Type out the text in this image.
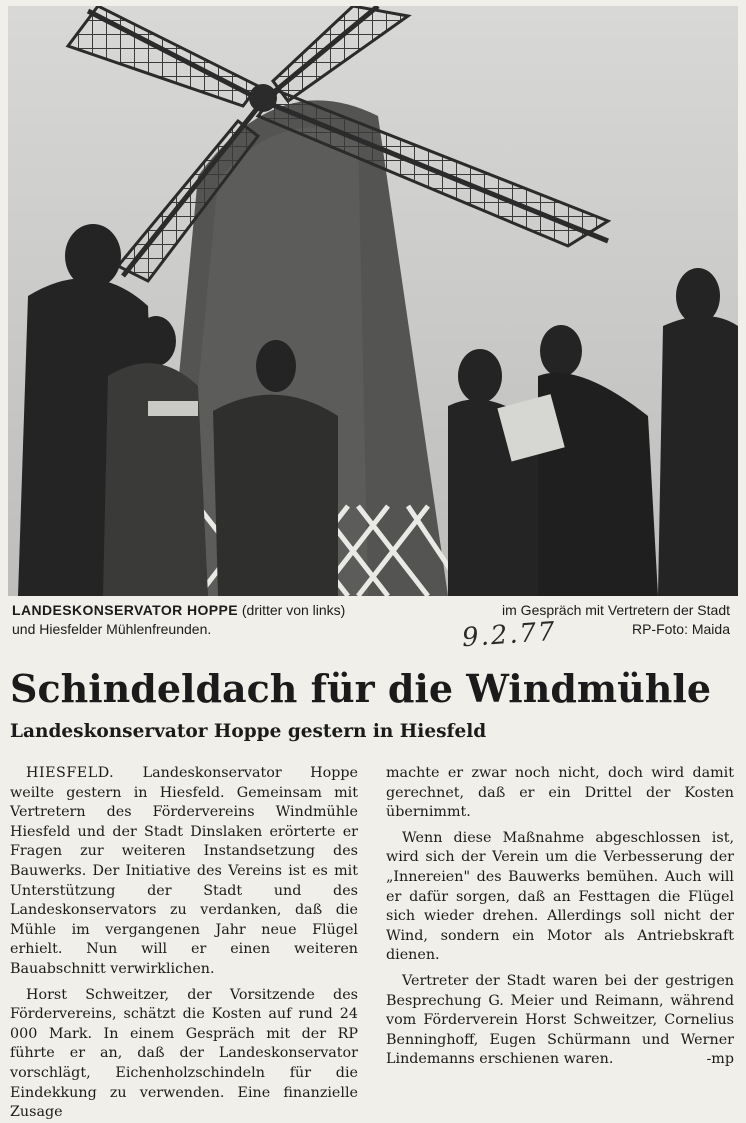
LANDESKONSERVATOR HOPPE (dritter von links)
und Hiesfelder Mühlenfreunden.
im Gespräch mit Vertretern der Stadt
RP-Foto: Maida
9.2.77
Schindeldach für die Windmühle
Landeskonservator Hoppe gestern in Hiesfeld

HIESFELD. Landeskonservator Hoppe weilte gestern in Hiesfeld. Gemeinsam mit Vertretern des Fördervereins Windmühle Hiesfeld und der Stadt Dinslaken erörterte er Fragen zur weiteren Instandsetzung des Bauwerks. Der Initiative des Vereins ist es mit Unterstützung der Stadt und des Landeskonservators zu verdanken, daß die Mühle im vergangenen Jahr neue Flügel erhielt. Nun will er einen weiteren Bauabschnitt verwirklichen.

Horst Schweitzer, der Vorsitzende des Fördervereins, schätzt die Kosten auf rund 24 000 Mark. In einem Gespräch mit der RP führte er an, daß der Landeskonservator vorschlägt, Eichenholzschindeln für die Eindekkung zu verwenden. Eine finanzielle Zusage

machte er zwar noch nicht, doch wird damit gerechnet, daß er ein Drittel der Kosten übernimmt.

Wenn diese Maßnahme abgeschlossen ist, wird sich der Verein um die Verbesserung der „Innereien" des Bauwerks bemühen. Auch will er dafür sorgen, daß an Festtagen die Flügel sich wieder drehen. Allerdings soll nicht der Wind, sondern ein Motor als Antriebskraft dienen.

Vertreter der Stadt waren bei der gestrigen Besprechung G. Meier und Reimann, während vom Förderverein Horst Schweitzer, Cornelius Benninghoff, Eugen Schürmann und Werner Lindemanns erschienen waren.	-mp
